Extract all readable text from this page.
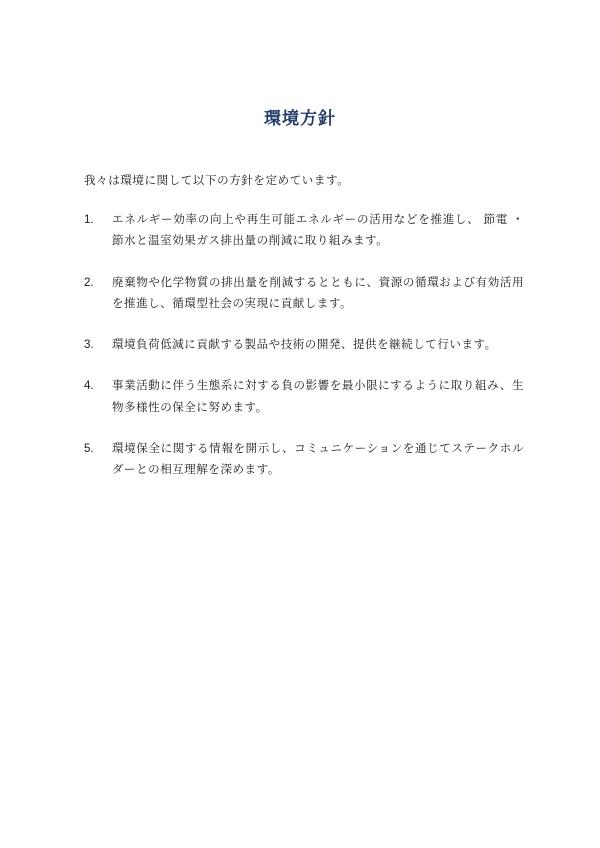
環境方針
我々は環境に関して以下の方針を定めています。
1.	エネルギー効率の向上や再生可能エネルギーの活用などを推進し、 節電 ・節水と温室効果ガス排出量の削減に取り組みます。
2.	廃棄物や化学物質の排出量を削減するとともに、資源の循環および有効活用を推進し、循環型社会の実現に貢献します。
3.	環境負荷低減に貢献する製品や技術の開発、提供を継続して行います。
4.	事業活動に伴う生態系に対する負の影響を最小限にするように取り組み、生物多様性の保全に努めます。
5.	環境保全に関する情報を開示し、コミュニケーションを通じてステークホルダーとの相互理解を深めます。
